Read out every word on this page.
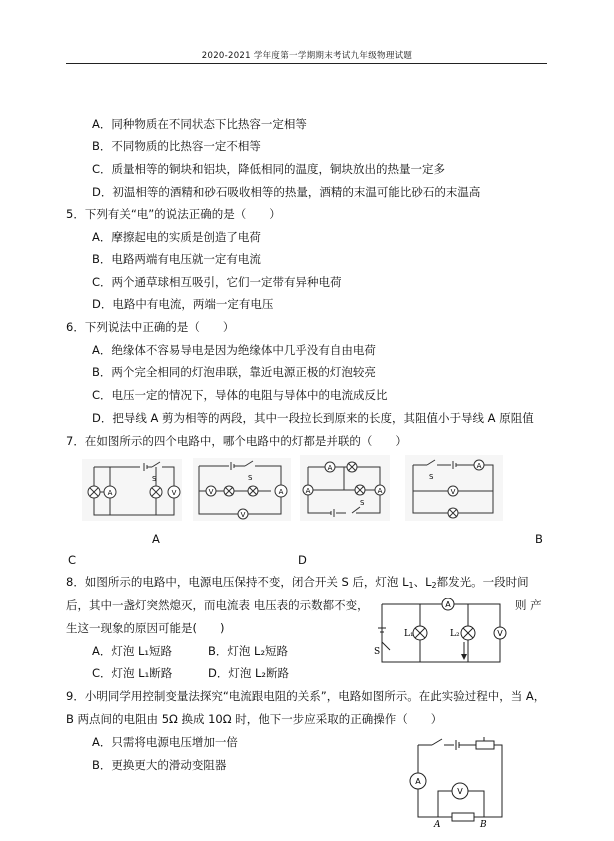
2020-2021 学年度第一学期期末考试九年级物理试题
A．同种物质在不同状态下比热容一定相等
B．不同物质的比热容一定不相等
C．质量相等的铜块和铝块，降低相同的温度，铜块放出的热量一定多
D．初温相等的酒精和砂石吸收相等的热量，酒精的末温可能比砂石的末温高
5．下列有关“电”的说法正确的是（　　）
A．摩擦起电的实质是创造了电荷
B．电路两端有电压就一定有电流
C．两个通草球相互吸引，它们一定带有异种电荷
D．电路中有电流，两端一定有电压
6．下列说法中正确的是（　　）
A．绝缘体不容易导电是因为绝缘体中几乎没有自由电荷
B．两个完全相同的灯泡串联，靠近电源正极的灯泡较亮
C．电压一定的情况下，导体的电阻与导体中的电流成反比
D．把导线 A 剪为相等的两段，其中一段拉长到原来的长度，其阻值小于导线 A 原阻值
7．在如图所示的四个电路中，哪个电路中的灯都是并联的（　　）
A	V
S
A
V
V
S
A
A
A
S
A
V
S
A	B
C	D
8．如图所示的电路中，电源电压保持不变，闭合开关 S 后，灯泡 $L_1$、$L_2$都发光。一段时间
后，其中一盏灯突然熄灭，而电流表 电压表的示数都不变，	则 产
生这一现象的原因可能是(　　)
A．灯泡 L₁短路	B．灯泡 L₂短路
C．灯泡 L₁断路	D．灯泡 L₂断路
A
V
L₁	L₂
S
9．小明同学用控制变量法探究“电流跟电阻的关系”，电路如图所示。在此实验过程中，当 A，
B 两点间的电阻由 5Ω 换成 10Ω 时，他下一步应采取的正确操作（　　）
A．只需将电源电压增加一倍
B．更换更大的滑动变阻器
V
A
A	B
